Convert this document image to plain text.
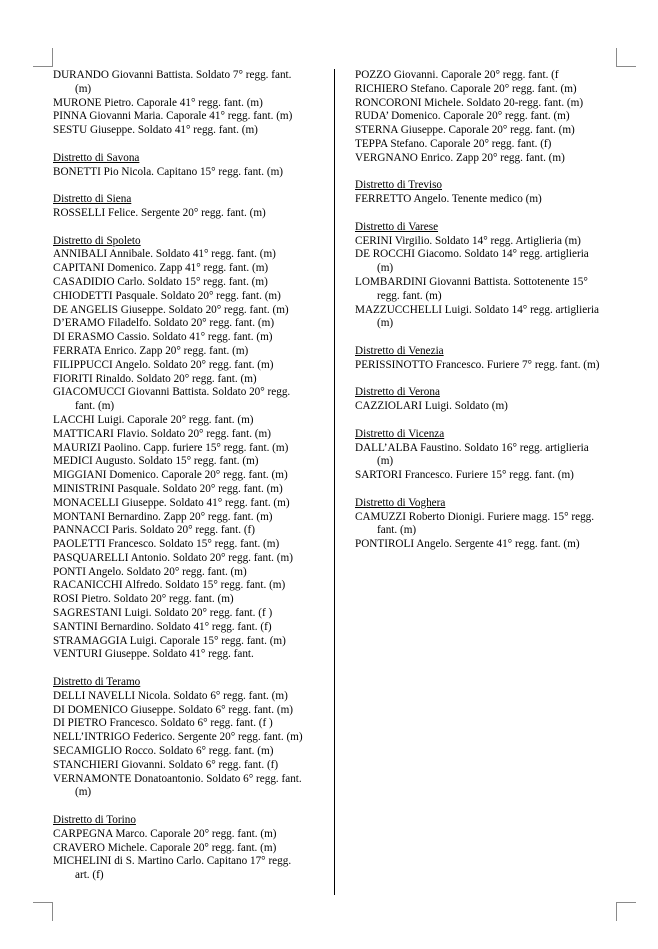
DURANDO Giovanni Battista. Soldato 7° regg. fant.
(m)
MURONE Pietro. Caporale 41° regg. fant. (m)
PINNA Giovanni Maria. Caporale 41° regg. fant. (m)
SESTU Giuseppe. Soldato 41° regg. fant. (m)
Distretto di Savona
BONETTI Pio Nicola. Capitano 15° regg. fant. (m)
Distretto di Siena
ROSSELLI Felice. Sergente 20° regg. fant. (m)
Distretto di Spoleto
ANNIBALI Annibale. Soldato 41° regg. fant. (m)
CAPITANI Domenico. Zapp 41° regg. fant. (m)
CASADIDIO Carlo. Soldato 15° regg. fant. (m)
CHIODETTI Pasquale. Soldato 20° regg. fant. (m)
DE ANGELIS Giuseppe. Soldato 20° regg. fant. (m)
D’ERAMO Filadelfo. Soldato 20° regg. fant. (m)
DI ERASMO Cassio. Soldato 41° regg. fant. (m)
FERRATA Enrico. Zapp 20° regg. fant. (m)
FILIPPUCCI Angelo. Soldato 20° regg. fant. (m)
FIORITI Rinaldo. Soldato 20° regg. fant. (m)
GIACOMUCCI Giovanni Battista. Soldato 20° regg.
fant. (m)
LACCHI Luigi. Caporale 20° regg. fant. (m)
MATTICARI Flavio. Soldato 20° regg. fant. (m)
MAURIZI Paolino. Capp. furiere 15° regg. fant. (m)
MEDICI Augusto. Soldato 15° regg. fant. (m)
MIGGIANI Domenico. Caporale 20° regg. fant. (m)
MINISTRINI Pasquale. Soldato 20° regg. fant. (m)
MONACELLI Giuseppe. Soldato 41° regg. fant. (m)
MONTANI Bernardino. Zapp 20° regg. fant. (m)
PANNACCI Paris. Soldato 20° regg. fant. (f)
PAOLETTI Francesco. Soldato 15° regg. fant. (m)
PASQUARELLI Antonio. Soldato 20° regg. fant. (m)
PONTI Angelo. Soldato 20° regg. fant. (m)
RACANICCHI Alfredo. Soldato 15° regg. fant. (m)
ROSI Pietro. Soldato 20° regg. fant. (m)
SAGRESTANI Luigi. Soldato 20° regg. fant. (f )
SANTINI Bernardino. Soldato 41° regg. fant. (f)
STRAMAGGIA Luigi. Caporale 15° regg. fant. (m)
VENTURI Giuseppe. Soldato 41° regg. fant.
Distretto di Teramo
DELLI NAVELLI Nicola. Soldato 6° regg. fant. (m)
DI DOMENICO Giuseppe. Soldato 6° regg. fant. (m)
DI PIETRO Francesco. Soldato 6° regg. fant. (f )
NELL’INTRIGO Federico. Sergente 20° regg. fant. (m)
SECAMIGLIO Rocco. Soldato 6° regg. fant. (m)
STANCHIERI Giovanni. Soldato 6° regg. fant. (f)
VERNAMONTE Donatoantonio. Soldato 6° regg. fant.
(m)
Distretto di Torino
CARPEGNA Marco. Caporale 20° regg. fant. (m)
CRAVERO Michele. Caporale 20° regg. fant. (m)
MICHELINI di S. Martino Carlo. Capitano 17° regg.
art. (f)
POZZO Giovanni. Caporale 20° regg. fant. (f
RICHIERO Stefano. Caporale 20° regg. fant. (m)
RONCORONI Michele. Soldato 20-regg. fant. (m)
RUDA’ Domenico. Caporale 20° regg. fant. (m)
STERNA Giuseppe. Caporale 20° regg. fant. (m)
TEPPA Stefano. Caporale 20° regg. fant. (f)
VERGNANO Enrico. Zapp 20° regg. fant. (m)
Distretto di Treviso
FERRETTO Angelo. Tenente medico (m)
Distretto di Varese
CERINI Virgilio. Soldato 14° regg. Artiglieria (m)
DE ROCCHI Giacomo. Soldato 14° regg. artiglieria
(m)
LOMBARDINI Giovanni Battista. Sottotenente 15°
regg. fant. (m)
MAZZUCCHELLI Luigi. Soldato 14° regg. artiglieria
(m)
Distretto di Venezia
PERISSINOTTO Francesco. Furiere 7° regg. fant. (m)
Distretto di Verona
CAZZIOLARI Luigi. Soldato (m)
Distretto di Vicenza
DALL’ALBA Faustino. Soldato 16° regg. artiglieria
(m)
SARTORI Francesco. Furiere 15° regg. fant. (m)
Distretto di Voghera
CAMUZZI Roberto Dionigi. Furiere magg. 15° regg.
fant. (m)
PONTIROLI Angelo. Sergente 41° regg. fant. (m)
